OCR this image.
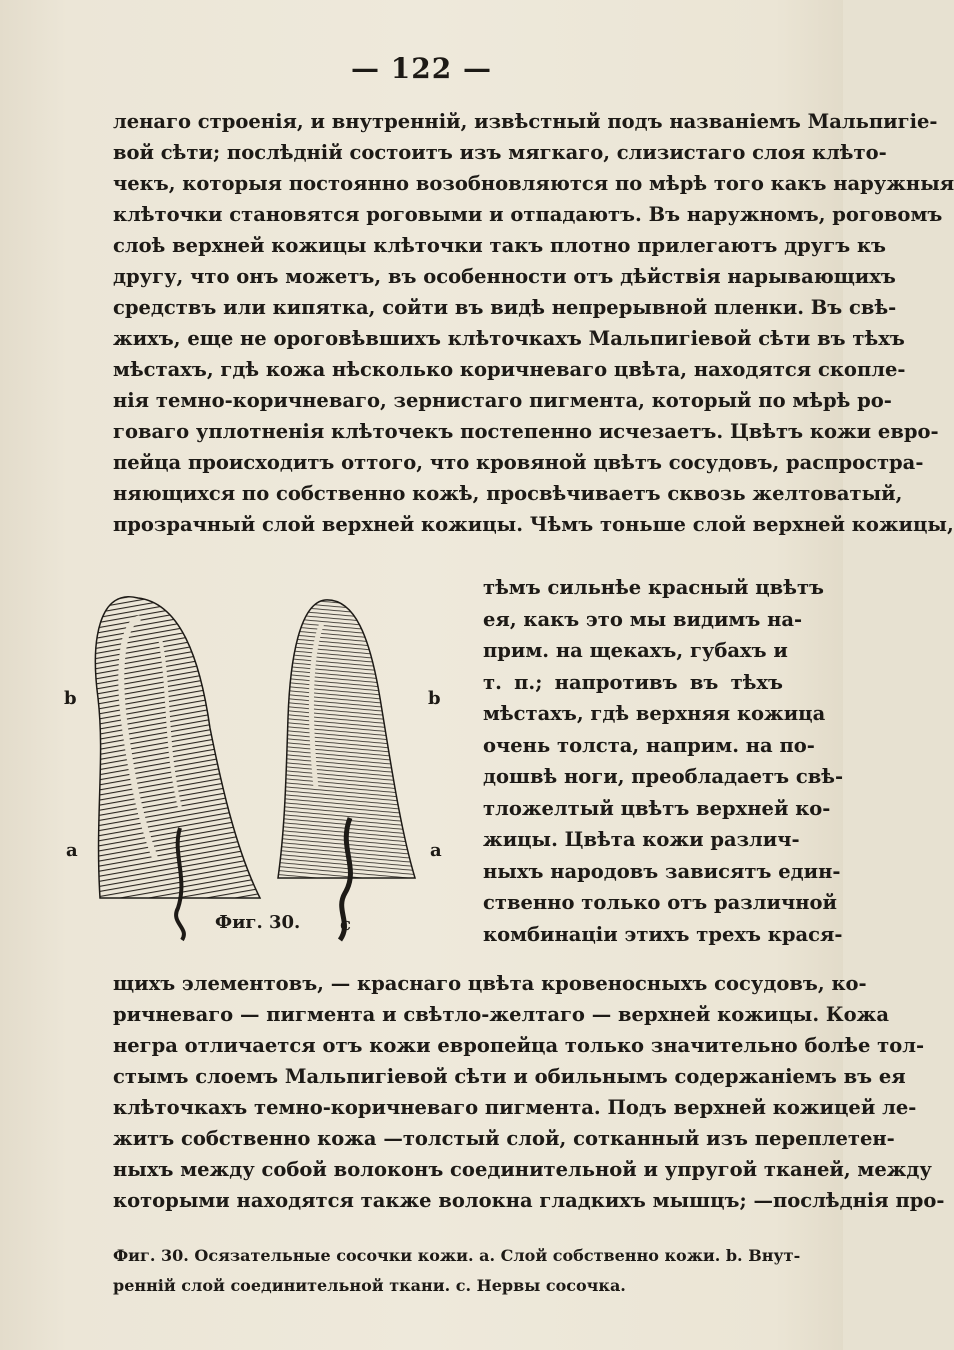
— 122 —
ленаго строенія, и внутренній, извѣстный подъ названіемъ Мальпигіе-
вой сѣти; послѣдній состоитъ изъ мягкаго, слизистаго слоя клѣто-
чекъ, которыя постоянно возобновляются по мѣрѣ того какъ наружныя
клѣточки становятся роговыми и отпадаютъ. Въ наружномъ, роговомъ
слоѣ верхней кожицы клѣточки такъ плотно прилегаютъ другъ къ
другу, что онъ можетъ, въ особенности отъ дѣйствія нарывающихъ
средствъ или кипятка, сойти въ видѣ непрерывной пленки. Въ свѣ-
жихъ, еще не ороговѣвшихъ клѣточкахъ Мальпигіевой сѣти въ тѣхъ
мѣстахъ, гдѣ кожа нѣсколько коричневаго цвѣта, находятся скопле-
нія темно-коричневаго, зернистаго пигмента, который по мѣрѣ ро-
говаго уплотненія клѣточекъ постепенно исчезаетъ. Цвѣтъ кожи евро-
пейца происходитъ оттого, что кровяной цвѣтъ сосудовъ, распростра-
няющихся по собственно кожѣ, просвѣчиваетъ сквозь желтоватый,
прозрачный слой верхней кожицы. Чѣмъ тоньше слой верхней кожицы,
b	b
a	a
Фиг. 30. c
тѣмъ сильнѣе красный цвѣтъ
ея, какъ это мы видимъ на-
прим. на щекахъ, губахъ и
т. п.; напротивъ въ тѣхъ
мѣстахъ, гдѣ верхняя кожица
очень толста, наприм. на по-
дошвѣ ноги, преобладаетъ свѣ-
тложелтый цвѣтъ верхней ко-
жицы. Цвѣта кожи различ-
ныхъ народовъ зависятъ един-
ственно только отъ различной
комбинаціи этихъ трехъ крася-
щихъ элементовъ, — краснаго цвѣта кровеносныхъ сосудовъ, ко-
ричневаго — пигмента и свѣтло-желтаго — верхней кожицы. Кожа
негра отличается отъ кожи европейца только значительно болѣе тол-
стымъ слоемъ Мальпигіевой сѣти и обильнымъ содержаніемъ въ ея
клѣточкахъ темно-коричневаго пигмента. Подъ верхней кожицей ле-
житъ собственно кожа —толстый слой, сотканный изъ переплетен-
ныхъ между собой волоконъ соединительной и упругой тканей, между
которыми находятся также волокна гладкихъ мышцъ; —послѣднія про-
Фиг. 30. Осязательные сосочки кожи. a. Слой собственно кожи. b. Внут-
ренній слой соединительной ткани. c. Нервы сосочка.
